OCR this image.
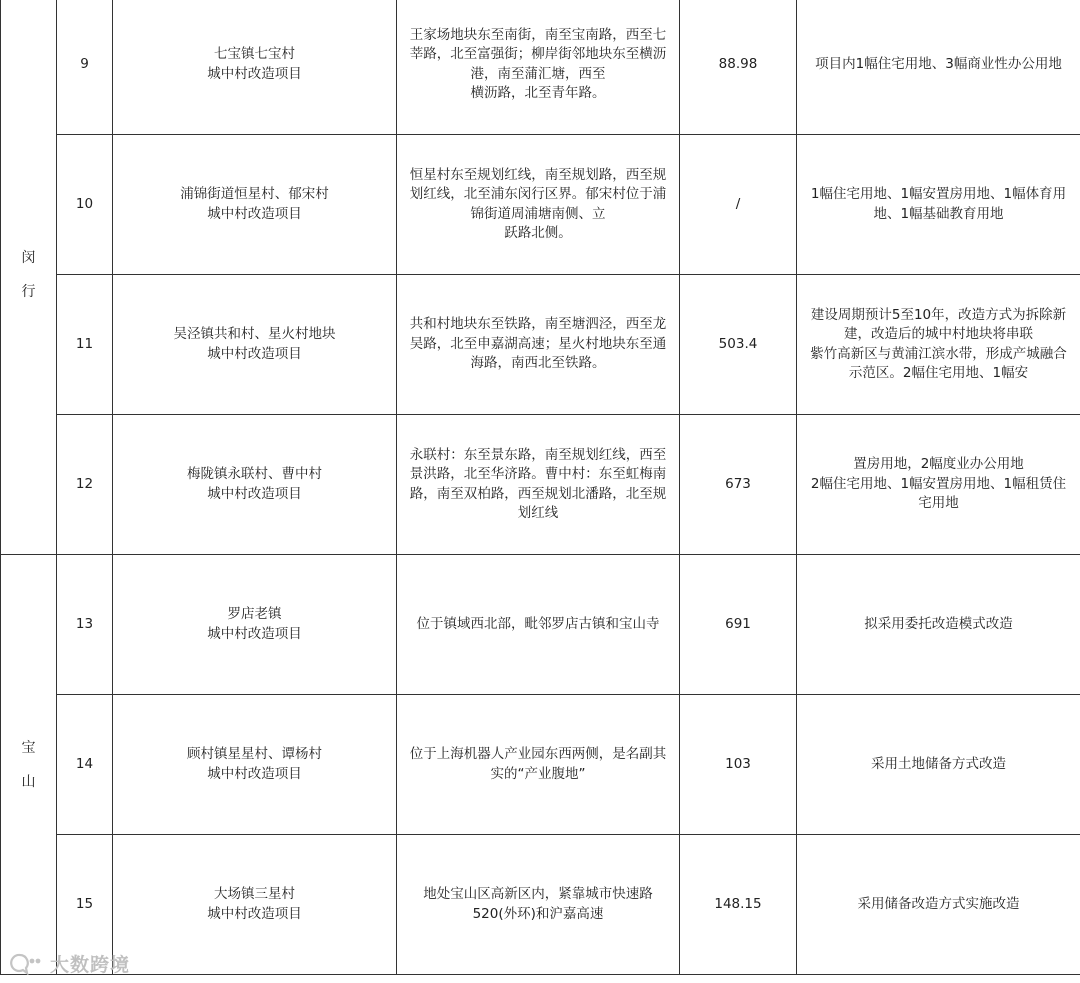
闵
行	9	七宝镇七宝村
城中村改造项目	王家场地块东至南街，南至宝南路，西至七莘路，北至富强街；柳岸街邻地块东至横沥港，南至蒲汇塘，西至
横沥路，北至青年路。	88.98	项目内1幅住宅用地、3幅商业性办公用地

	10	浦锦街道恒星村、郁宋村
城中村改造项目	恒星村东至规划红线，南至规划路，西至规划红线，北至浦东闵行区界。郁宋村位于浦锦街道周浦塘南侧、立
跃路北侧。	/	1幅住宅用地、1幅安置房用地、1幅体育用地、1幅基础教育用地

	11	吴泾镇共和村、星火村地块
城中村改造项目	共和村地块东至铁路，南至塘泗泾，西至龙吴路，北至申嘉湖高速；星火村地块东至通海路，南西北至铁路。	503.4	建设周期预计5至10年，改造方式为拆除新建，改造后的城中村地块将串联
紫竹高新区与黄浦江滨水带，形成产城融合示范区。2幅住宅用地、1幅安

	12	梅陇镇永联村、曹中村
城中村改造项目	永联村：东至景东路，南至规划红线，西至景洪路，北至华济路。曹中村：东至虹梅南路，南至双柏路，西至规划北潘路，北至规划红线	673	置房用地，2幅度业办公用地
2幅住宅用地、1幅安置房用地、1幅租赁住宅用地

宝
山	13	罗店老镇
城中村改造项目	位于镇域西北部，毗邻罗店古镇和宝山寺	691	拟采用委托改造模式改造

	14	顾村镇星星村、谭杨村
城中村改造项目	位于上海机器人产业园东西两侧，是名副其实的“产业腹地”	103	采用土地储备方式改造

	15	大场镇三星村
城中村改造项目	地处宝山区高新区内，紧靠城市快速路520(外环)和沪嘉高速	148.15	采用储备改造方式实施改造
大数跨境
